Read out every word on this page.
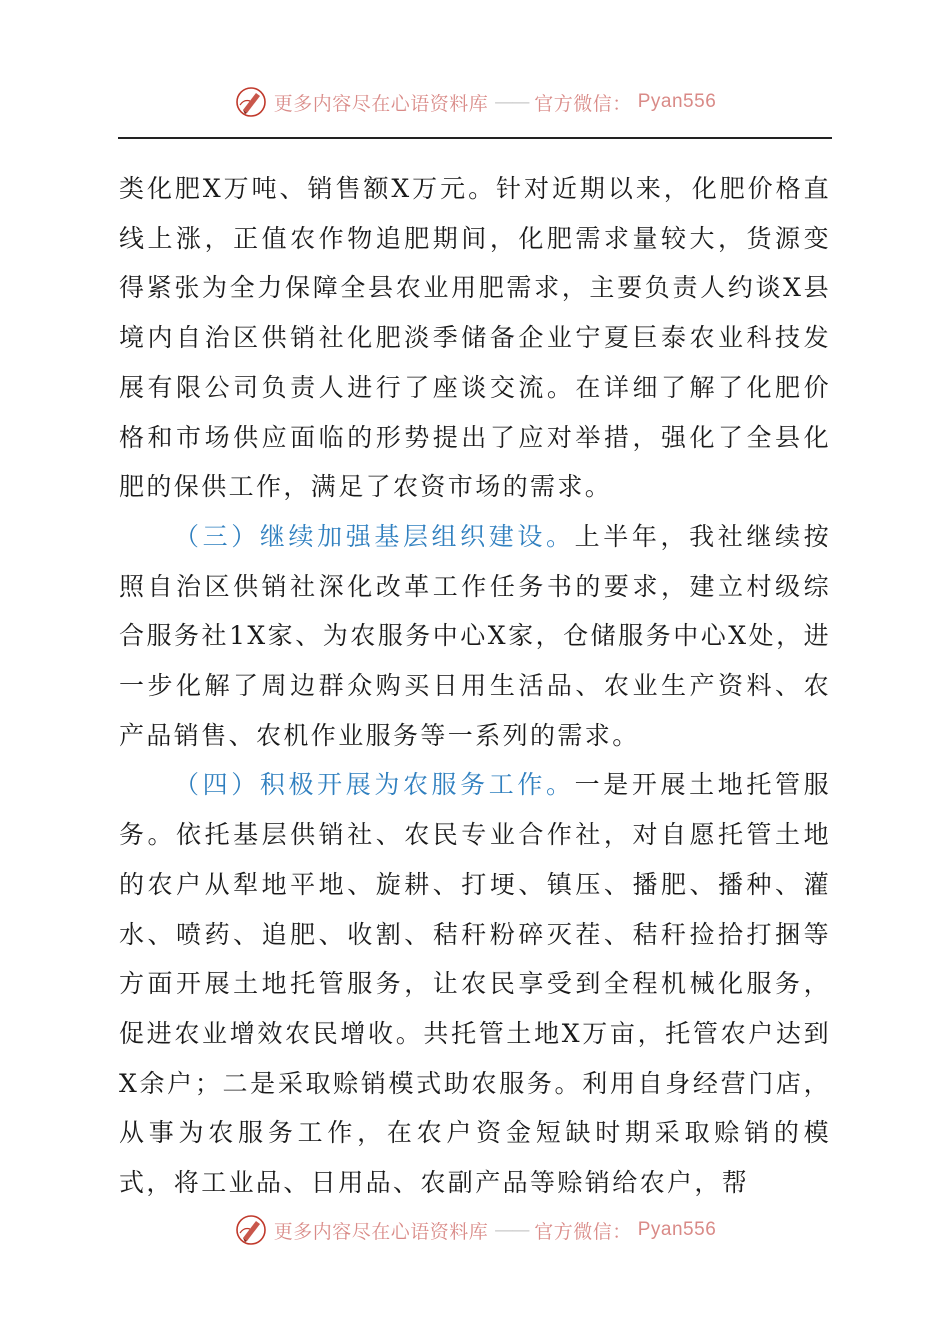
更多内容尽在心语资料库 —— 官方微信： Pyan556

类化肥X万吨、销售额X万元。针对近期以来，化肥价格直线上涨，正值农作物追肥期间，化肥需求量较大，货源变得紧张为全力保障全县农业用肥需求，主要负责人约谈X县境内自治区供销社化肥淡季储备企业宁夏巨泰农业科技发展有限公司负责人进行了座谈交流。在详细了解了化肥价格和市场供应面临的形势提出了应对举措，强化了全县化肥的保供工作，满足了农资市场的需求。

（三）继续加强基层组织建设。上半年，我社继续按照自治区供销社深化改革工作任务书的要求，建立村级综合服务社1X家、为农服务中心X家，仓储服务中心X处，进一步化解了周边群众购买日用生活品、农业生产资料、农产品销售、农机作业服务等一系列的需求。

（四）积极开展为农服务工作。一是开展土地托管服务。依托基层供销社、农民专业合作社，对自愿托管土地的农户从犁地平地、旋耕、打埂、镇压、播肥、播种、灌水、喷药、追肥、收割、秸秆粉碎灭茬、秸秆捡拾打捆等方面开展土地托管服务，让农民享受到全程机械化服务，促进农业增效农民增收。共托管土地X万亩，托管农户达到X余户；二是采取赊销模式助农服务。利用自身经营门店，从事为农服务工作，在农户资金短缺时期采取赊销的模式，将工业品、日用品、农副产品等赊销给农户，帮

更多内容尽在心语资料库 —— 官方微信： Pyan556
